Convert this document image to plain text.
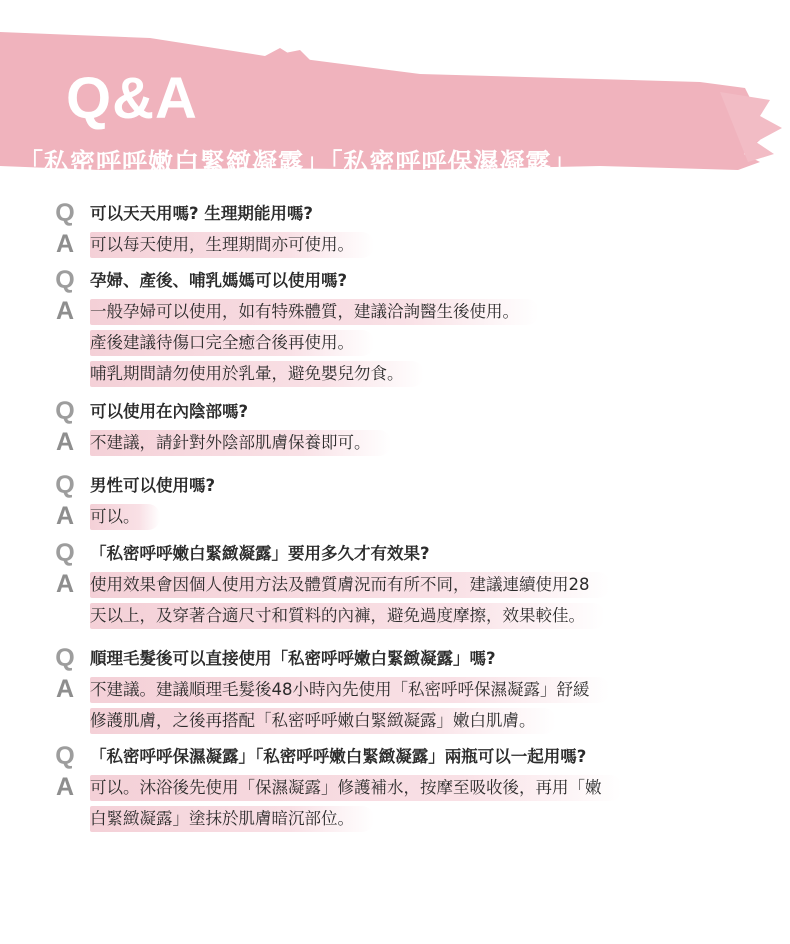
Q&A
「私密呼呼嫩白緊緻凝露」「私密呼呼保濕凝露」
Q 可以天天用嗎? 生理期能用嗎?
A 可以每天使用，生理期間亦可使用。
Q 孕婦、產後、哺乳媽媽可以使用嗎?
A 一般孕婦可以使用，如有特殊體質，建議洽詢醫生後使用。
產後建議待傷口完全癒合後再使用。
哺乳期間請勿使用於乳暈，避免嬰兒勿食。
Q 可以使用在內陰部嗎?
A 不建議，請針對外陰部肌膚保養即可。
Q 男性可以使用嗎?
A 可以。
Q 「私密呼呼嫩白緊緻凝露」要用多久才有效果?
A 使用效果會因個人使用方法及體質膚況而有所不同，建議連續使用28
天以上，及穿著合適尺寸和質料的內褲，避免過度摩擦，效果較佳。
Q 順理毛髮後可以直接使用「私密呼呼嫩白緊緻凝露」嗎?
A 不建議。建議順理毛髮後48小時內先使用「私密呼呼保濕凝露」舒緩
修護肌膚，之後再搭配「私密呼呼嫩白緊緻凝露」嫩白肌膚。
Q 「私密呼呼保濕凝露」「私密呼呼嫩白緊緻凝露」兩瓶可以一起用嗎?
A 可以。沐浴後先使用「保濕凝露」修護補水，按摩至吸收後，再用「嫩
白緊緻凝露」塗抹於肌膚暗沉部位。
